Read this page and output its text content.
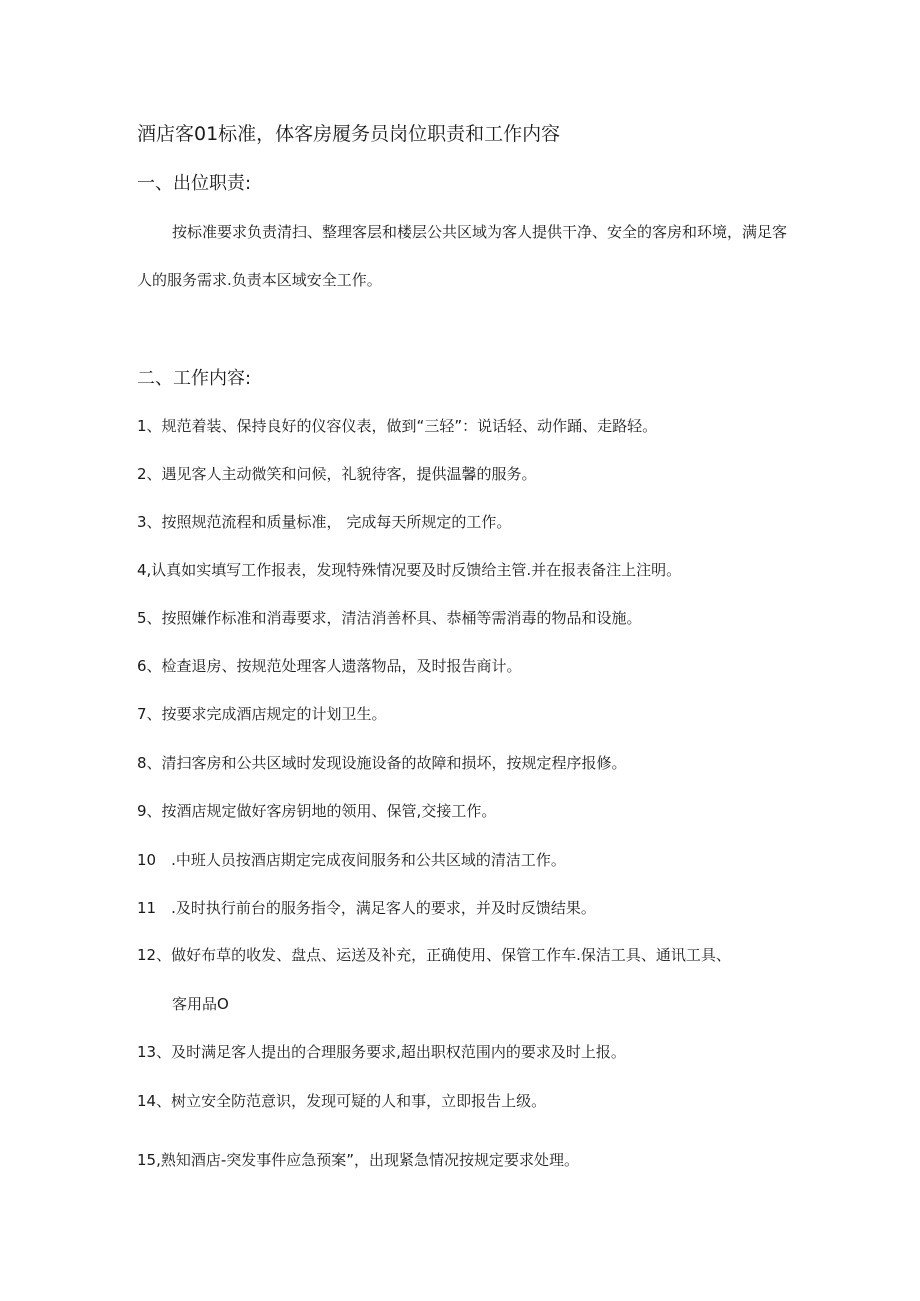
酒店客01标准，体客房履务员岗位职责和工作内容
一、出位职责:
按标准要求负责清扫、整理客层和楼层公共区域为客人提供干净、安全的客房和环境，满足客
人的服务需求.负责本区域安全工作。
二、工作内容:
1、规范着装、保持良好的仪容仪表，做到“三轻”：说话轻、动作踊、走路轻。
2、遇见客人主动微笑和问候，礼貌待客，提供温馨的服务。
3、按照规范流程和质量标准， 完成每天所规定的工作。
4,认真如实填写工作报表，发现特殊情况要及时反馈给主管.并在报表备注上注明。
5、按照嫌作标准和消毒要求，清洁消善杯具、恭桶等需消毒的物品和设施。
6、检查退房、按规范处理客人遗落物品，及时报告商计。
7、按要求完成酒店规定的计划卫生。
8、清扫客房和公共区域时发现设施设备的故障和损坏，按规定程序报修。
9、按酒店规定做好客房钥地的领用、保管,交接工作。
10　.中班人员按酒店期定完成夜间服务和公共区域的清洁工作。
11　.及时执行前台的服务指令，满足客人的要求，并及时反馈结果。
12、做好布草的收发、盘点、运送及补充，正确使用、保管工作车.保洁工具、通讯工具、
客用品O
13、及时满足客人提出的合理服务要求,超出职权范围内的要求及时上报。
14、树立安全防范意识，发现可疑的人和事，立即报告上级。
15,熟知酒店-突发事件应急预案”，出现紧急情况按规定要求处理。
